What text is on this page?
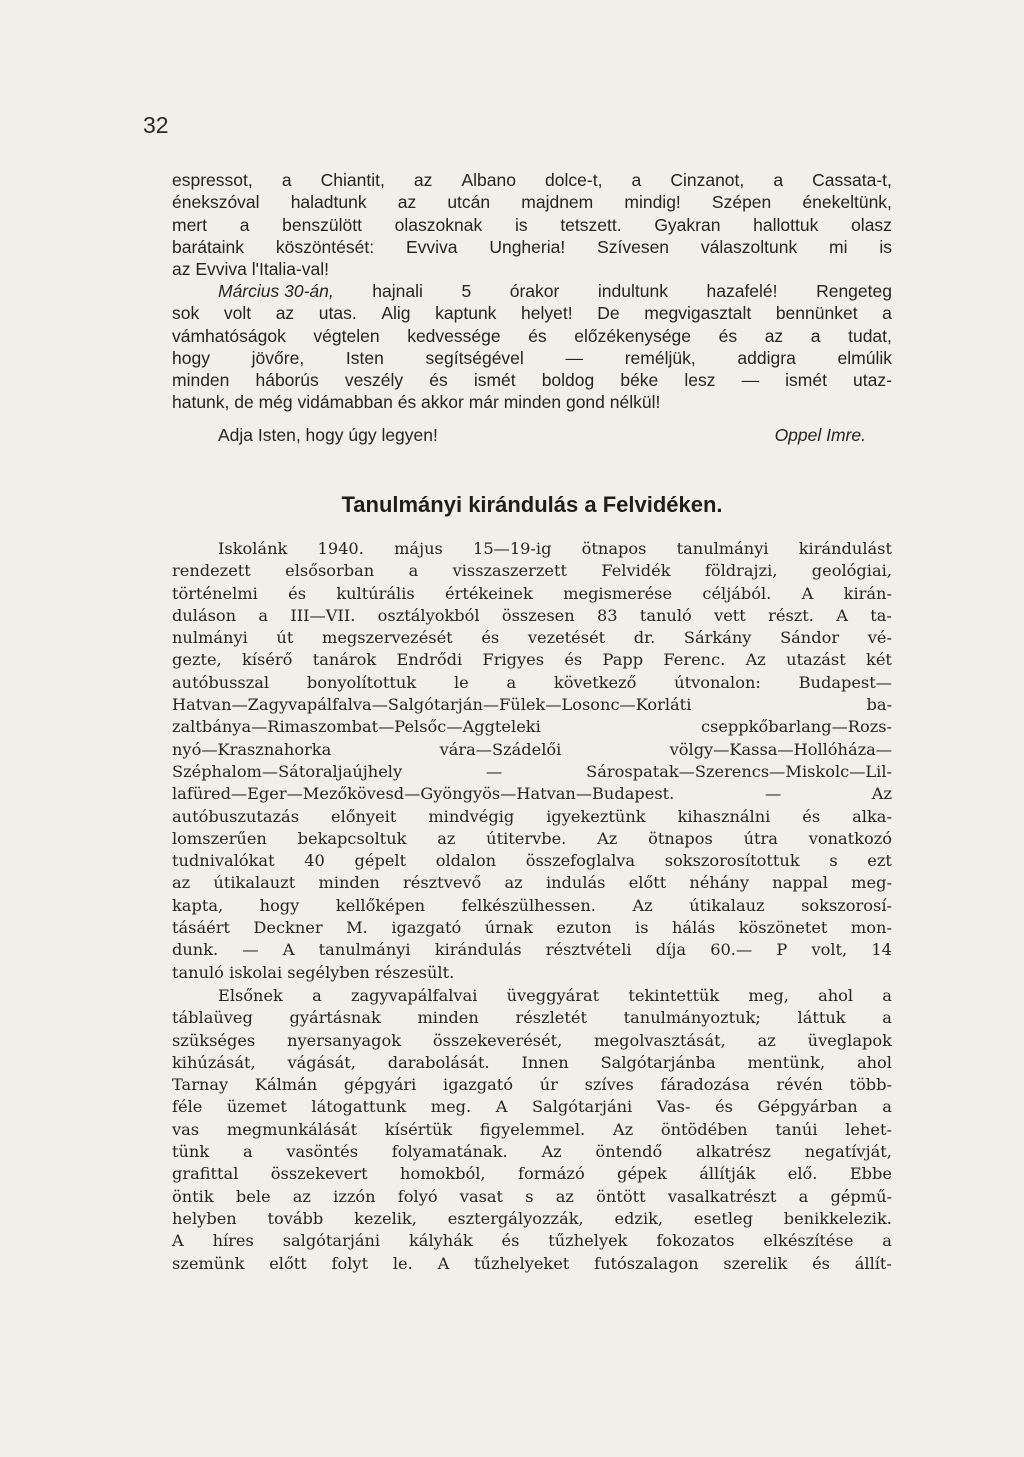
32
espressot, a Chiantit, az Albano dolce-t, a Cinzanot, a Cassata-t,
énekszóval haladtunk az utcán majdnem mindig! Szépen énekeltünk,
mert a benszülött olaszoknak is tetszett. Gyakran hallottuk olasz
barátaink köszöntését: Evviva Ungheria! Szívesen válaszoltunk mi is
az Evviva l'Italia-val!
Március 30-án, hajnali 5 órakor indultunk hazafelé! Rengeteg
sok volt az utas. Alig kaptunk helyet! De megvigasztalt bennünket a
vámhatóságok végtelen kedvessége és előzékenysége és az a tudat,
hogy jövőre, Isten segítségével — reméljük, addigra elmúlik
minden háborús veszély és ismét boldog béke lesz — ismét utaz-
hatunk, de még vidámabban és akkor már minden gond nélkül!
Adja Isten, hogy úgy legyen!	Oppel Imre.
Tanulmányi kirándulás a Felvidéken.
Iskolánk 1940. május 15—19-ig ötnapos tanulmányi kirándulást
rendezett elsősorban a visszaszerzett Felvidék földrajzi, geológiai,
történelmi és kultúrális értékeinek megismerése céljából. A kirán-
duláson a III—VII. osztályokból összesen 83 tanuló vett részt. A ta-
nulmányi út megszervezését és vezetését dr. Sárkány Sándor vé-
gezte, kísérő tanárok Endrődi Frigyes és Papp Ferenc. Az utazást két
autóbusszal bonyolítottuk le a következő útvonalon: Budapest—
Hatvan—Zagyvapálfalva—Salgótarján—Fülek—Losonc—Korláti	ba-
zaltbánya—Rimaszombat—Pelsőc—Aggteleki	cseppkőbarlang—Rozs-
nyó—Krasznahorka	vára—Szádelői	völgy—Kassa—Hollóháza—
Széphalom—Sátoraljaújhely	—	Sárospatak—Szerencs—Miskolc—Lil-
lafüred—Eger—Mezőkövesd—Gyöngyös—Hatvan—Budapest.	—	Az
autóbuszutazás előnyeit mindvégig igyekeztünk kihasználni és alka-
lomszerűen bekapcsoltuk az útitervbe. Az ötnapos útra vonatkozó
tudnivalókat 40 gépelt oldalon összefoglalva sokszorosítottuk s ezt
az útikalauzt minden résztvevő az indulás előtt néhány nappal meg-
kapta, hogy kellőképen felkészülhessen. Az útikalauz sokszorosí-
tásáért Deckner M. igazgató úrnak ezuton is hálás köszönetet mon-
dunk. — A tanulmányi kirándulás résztvételi díja 60.— P volt, 14
tanuló iskolai segélyben részesült.
Elsőnek a zagyvapálfalvai üveggyárat tekintettük meg, ahol a
táblaüveg gyártásnak minden részletét tanulmányoztuk; láttuk a
szükséges nyersanyagok összekeverését, megolvasztását, az üveglapok
kihúzását, vágását, darabolását. Innen Salgótarjánba mentünk, ahol
Tarnay Kálmán gépgyári igazgató úr szíves fáradozása révén több-
féle üzemet látogattunk meg. A Salgótarjáni Vas- és Gépgyárban a
vas megmunkálását kísértük figyelemmel. Az öntödében tanúi lehet-
tünk a vasöntés folyamatának. Az öntendő alkatrész negatívját,
grafittal összekevert homokból, formázó gépek állítják elő. Ebbe
öntik bele az izzón folyó vasat s az öntött vasalkatrészt a gépmű-
helyben tovább kezelik, esztergályozzák, edzik, esetleg benikkelezik.
A híres salgótarjáni kályhák és tűzhelyek fokozatos elkészítése a
szemünk előtt folyt le. A tűzhelyeket futószalagon szerelik és állít-
